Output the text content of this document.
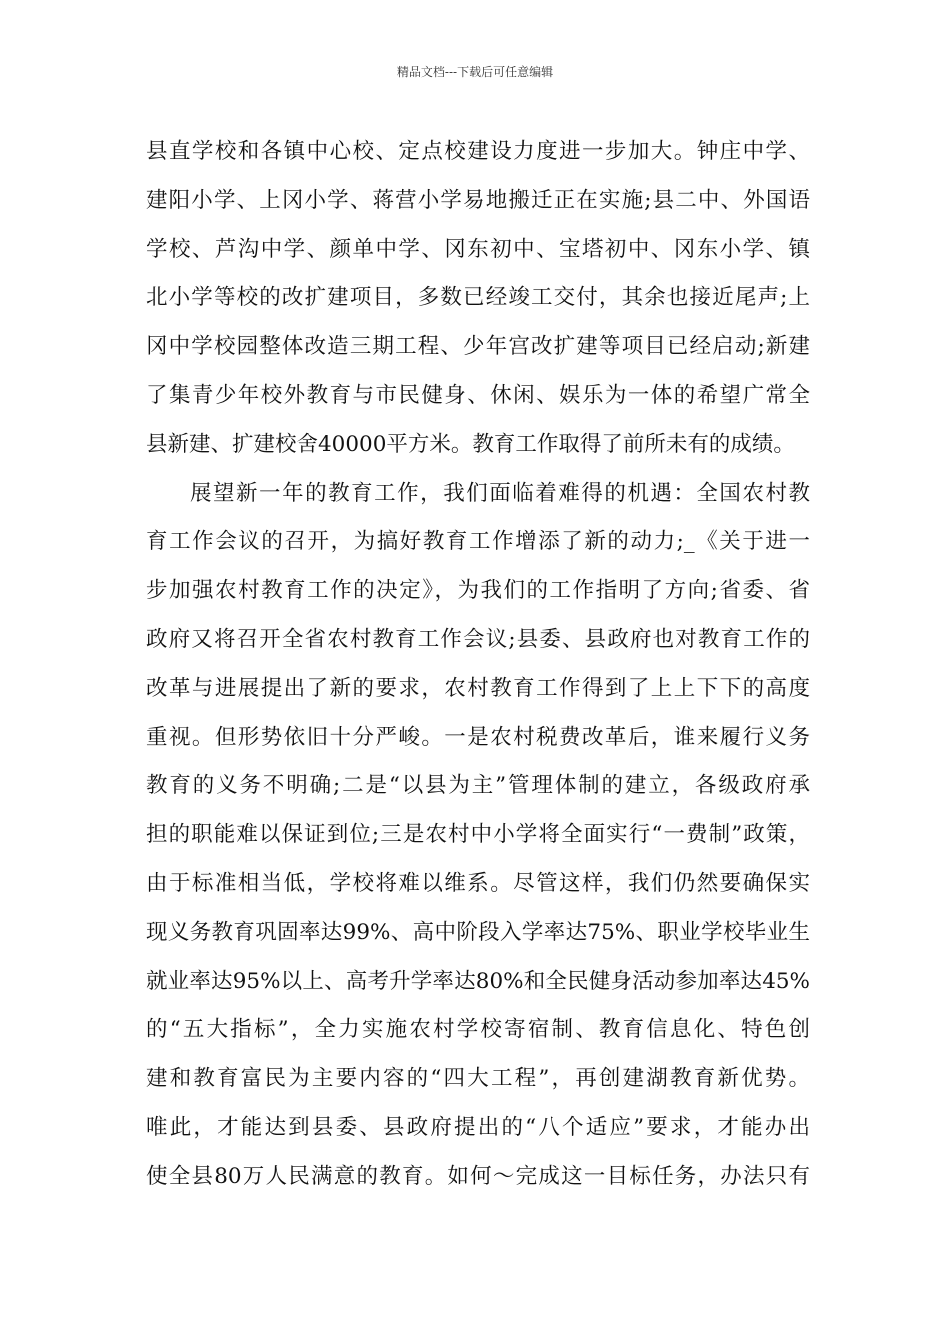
精品文档---下载后可任意编辑
县直学校和各镇中心校、定点校建设力度进一步加大。钟庄中学、
建阳小学、上冈小学、蒋营小学易地搬迁正在实施;县二中、外国语
学校、芦沟中学、颜单中学、冈东初中、宝塔初中、冈东小学、镇
北小学等校的改扩建项目，多数已经竣工交付，其余也接近尾声;上
冈中学校园整体改造三期工程、少年宫改扩建等项目已经启动;新建
了集青少年校外教育与市民健身、休闲、娱乐为一体的希望广常全
县新建、扩建校舍40000平方米。教育工作取得了前所未有的成绩。
展望新一年的教育工作，我们面临着难得的机遇：全国农村教
育工作会议的召开，为搞好教育工作增添了新的动力;_《关于进一
步加强农村教育工作的决定》，为我们的工作指明了方向;省委、省
政府又将召开全省农村教育工作会议;县委、县政府也对教育工作的
改革与进展提出了新的要求，农村教育工作得到了上上下下的高度
重视。但形势依旧十分严峻。一是农村税费改革后，谁来履行义务
教育的义务不明确;二是“以县为主”管理体制的建立，各级政府承
担的职能难以保证到位;三是农村中小学将全面实行“一费制”政策，
由于标准相当低，学校将难以维系。尽管这样，我们仍然要确保实
现义务教育巩固率达99%、高中阶段入学率达75%、职业学校毕业生
就业率达95%以上、高考升学率达80%和全民健身活动参加率达45%
的“五大指标”，全力实施农村学校寄宿制、教育信息化、特色创
建和教育富民为主要内容的“四大工程”，再创建湖教育新优势。
唯此，才能达到县委、县政府提出的“八个适应”要求，才能办出
使全县80万人民满意的教育。如何～完成这一目标任务，办法只有
